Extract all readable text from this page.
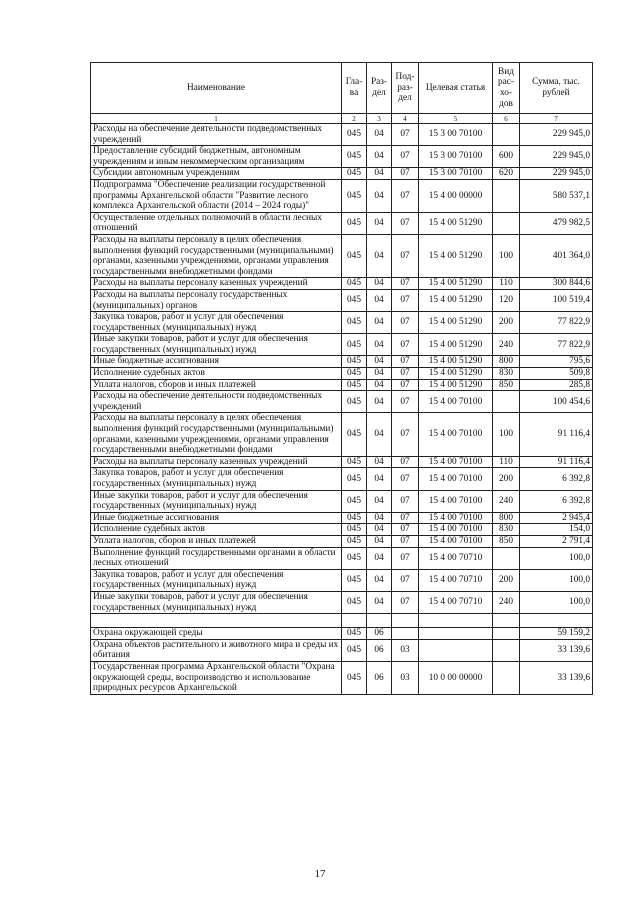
Наименование	Гла-ва	Раз-дел	Под-раз-дел	Целевая статья	Вид рас-хо-дов	Сумма, тыс. рублей
1	2	3	4	5	6	7
Расходы на обеспечение деятельности подведомственных учреждений	045	04	07	15 3 00 70100		229 945,0
Предоставление субсидий бюджетным, автономным учреждениям и иным некоммерческим организациям	045	04	07	15 3 00 70100	600	229 945,0
Субсидии автономным учреждениям	045	04	07	15 3 00 70100	620	229 945,0
Подпрограмма "Обеспечение реализации государственной программы Архангельской области "Развитие лесного комплекса Архангельской области (2014 – 2024 годы)"	045	04	07	15 4 00 00000		580 537,1
Осуществление отдельных полномочий в области лесных отношений	045	04	07	15 4 00 51290		479 982,5
Расходы на выплаты персоналу в целях обеспечения выполнения функций государственными (муниципальными) органами, казенными учреждениями, органами управления государственными внебюджетными фондами	045	04	07	15 4 00 51290	100	401 364,0
Расходы на выплаты персоналу казенных учреждений	045	04	07	15 4 00 51290	110	300 844,6
Расходы на выплаты персоналу государственных (муниципальных) органов	045	04	07	15 4 00 51290	120	100 519,4
Закупка товаров, работ и услуг для обеспечения государственных (муниципальных) нужд	045	04	07	15 4 00 51290	200	77 822,9
Иные закупки товаров, работ и услуг для обеспечения государственных (муниципальных) нужд	045	04	07	15 4 00 51290	240	77 822,9
Иные бюджетные ассигнования	045	04	07	15 4 00 51290	800	795,6
Исполнение судебных актов	045	04	07	15 4 00 51290	830	509,8
Уплата налогов, сборов и иных платежей	045	04	07	15 4 00 51290	850	285,8
Расходы на обеспечение деятельности подведомственных учреждений	045	04	07	15 4 00 70100		100 454,6
Расходы на выплаты персоналу в целях обеспечения выполнения функций государственными (муниципальными) органами, казенными учреждениями, органами управления государственными внебюджетными фондами	045	04	07	15 4 00 70100	100	91 116,4
Расходы на выплаты персоналу казенных учреждений	045	04	07	15 4 00 70100	110	91 116,4
Закупка товаров, работ и услуг для обеспечения государственных (муниципальных) нужд	045	04	07	15 4 00 70100	200	6 392,8
Иные закупки товаров, работ и услуг для обеспечения государственных (муниципальных) нужд	045	04	07	15 4 00 70100	240	6 392,8
Иные бюджетные ассигнования	045	04	07	15 4 00 70100	800	2 945,4
Исполнение судебных актов	045	04	07	15 4 00 70100	830	154,0
Уплата налогов, сборов и иных платежей	045	04	07	15 4 00 70100	850	2 791,4
Выполнение функций государственными органами в области лесных отношений	045	04	07	15 4 00 70710		100,0
Закупка товаров, работ и услуг для обеспечения государственных (муниципальных) нужд	045	04	07	15 4 00 70710	200	100,0
Иные закупки товаров, работ и услуг для обеспечения государственных (муниципальных) нужд	045	04	07	15 4 00 70710	240	100,0

Охрана окружающей среды	045	06				59 159,2
Охрана объектов растительного и животного мира и среды их обитания	045	06	03			33 139,6
Государственная программа Архангельской области "Охрана окружающей среды, воспроизводство и использование природных ресурсов Архангельской	045	06	03	10 0 00 00000		33 139,6
17
